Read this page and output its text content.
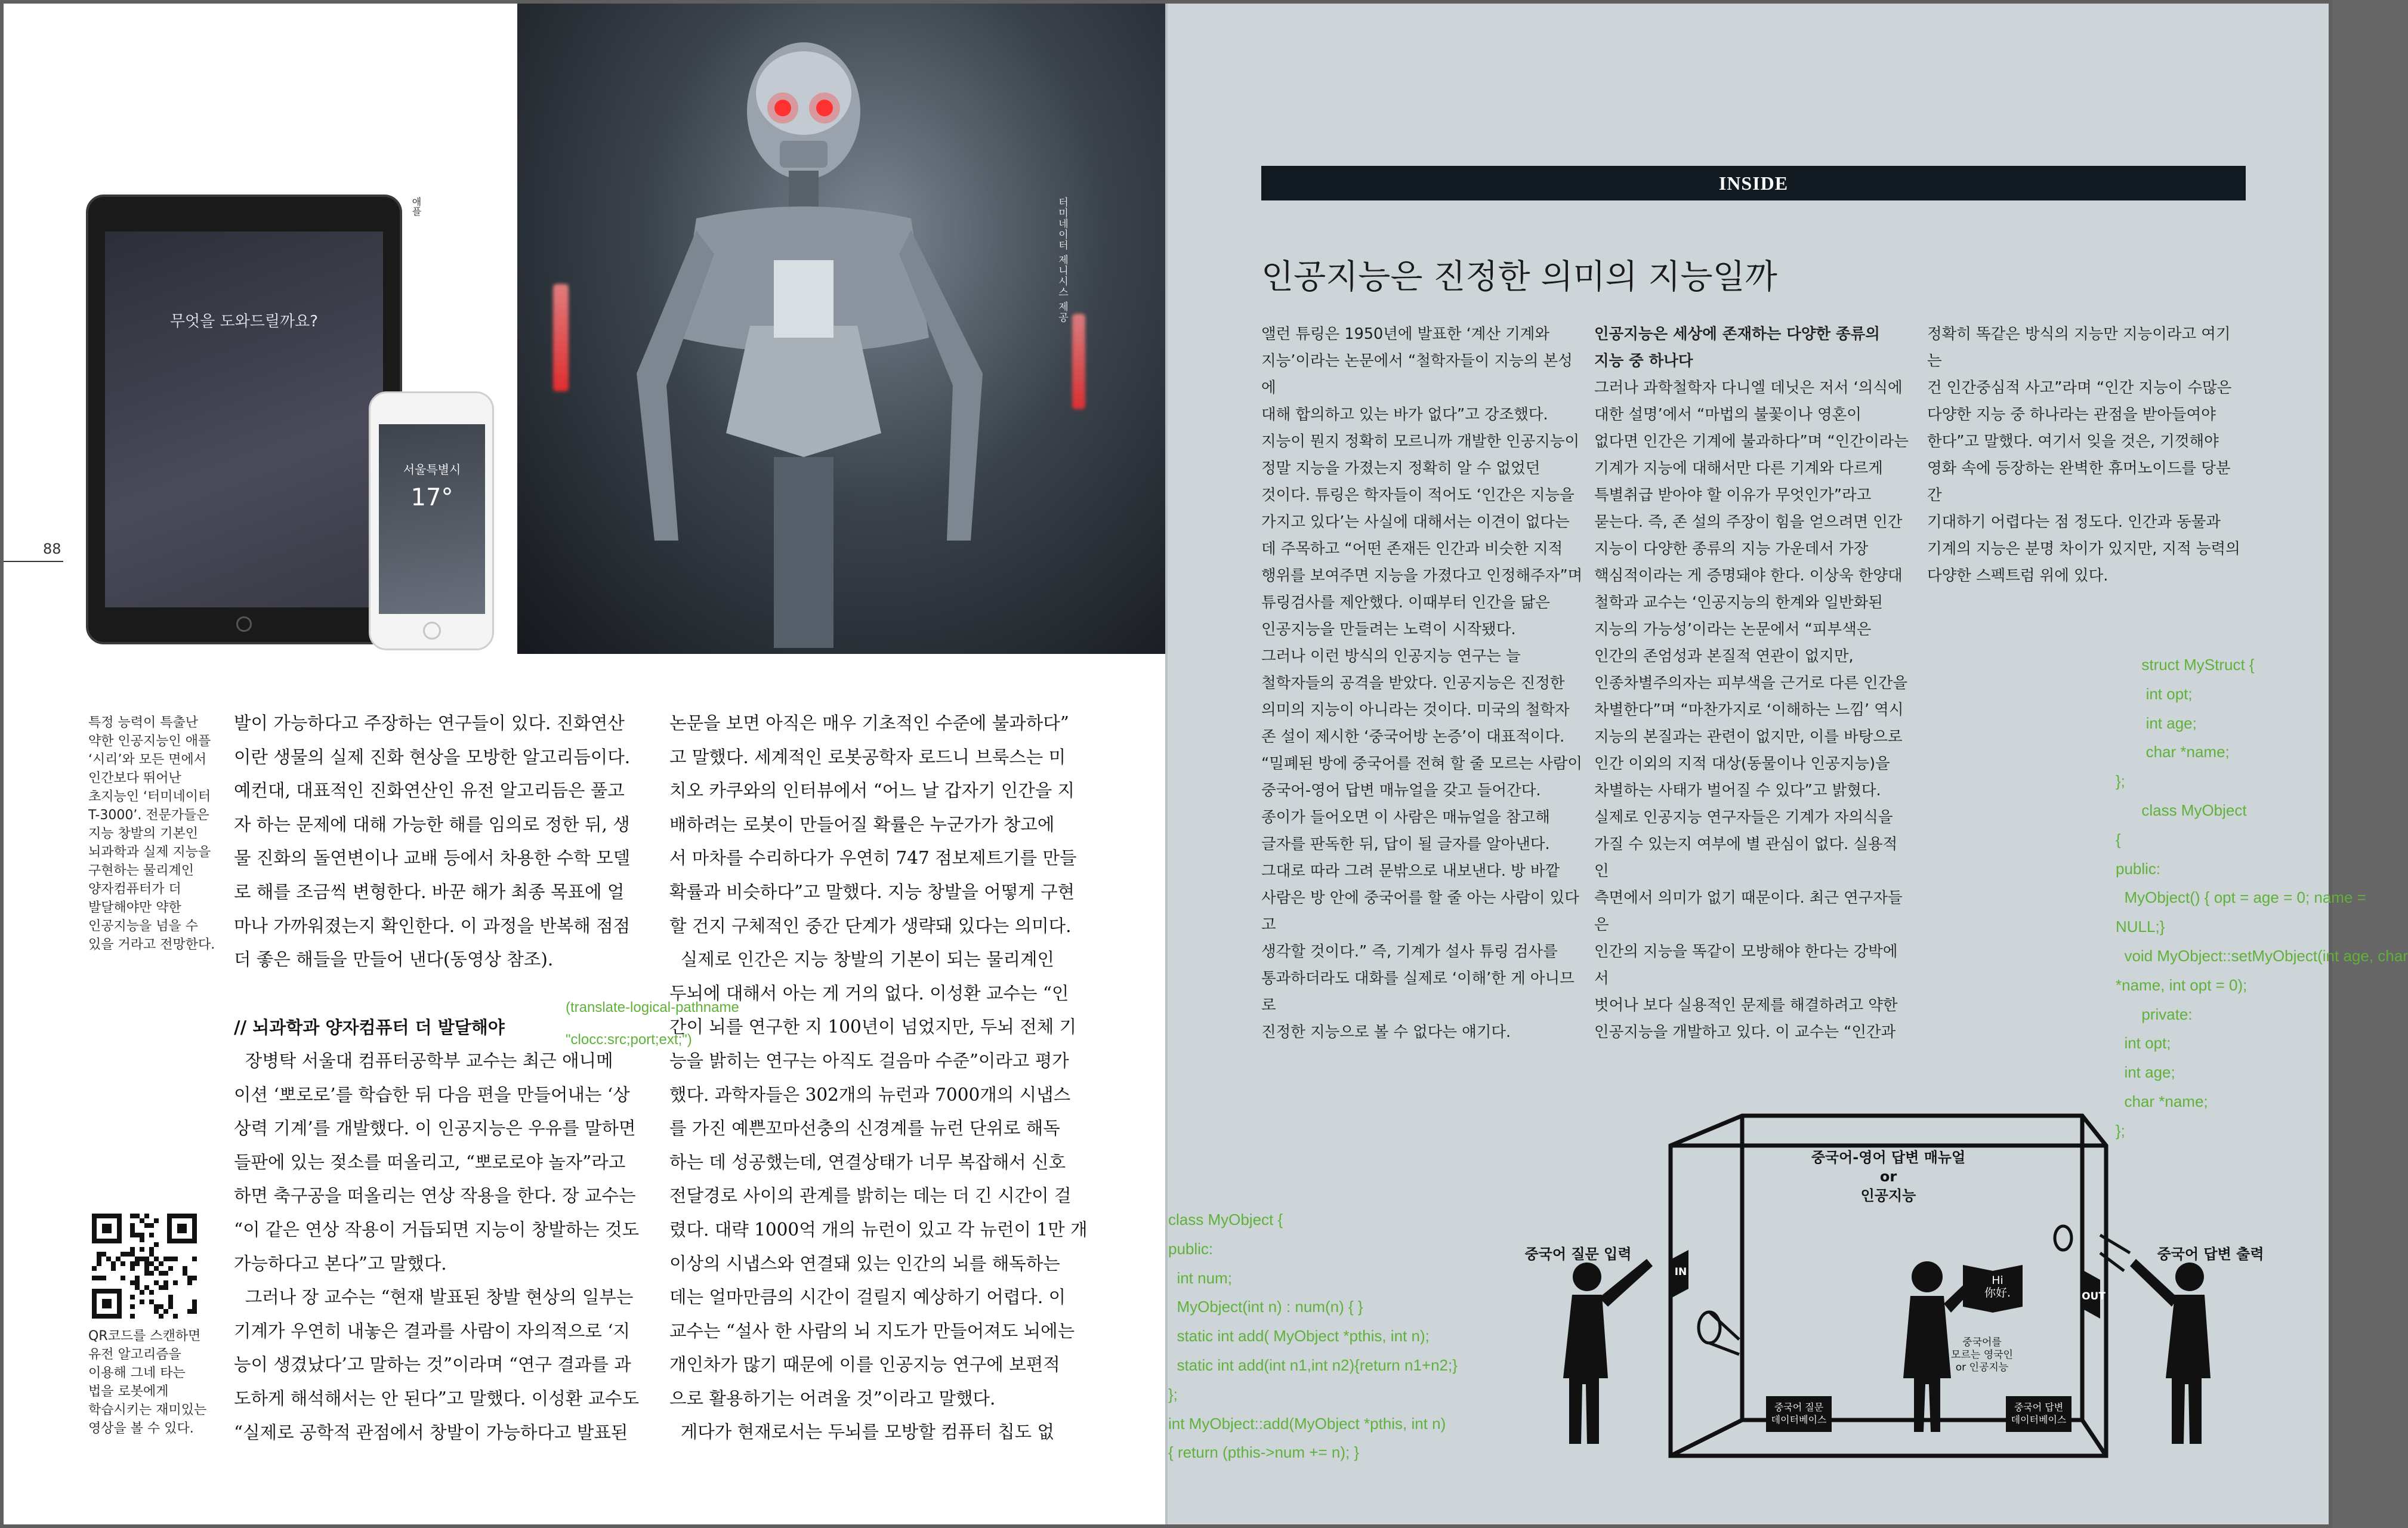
터미네이터 제니시스 제공
무엇을 도와드릴까요?
서울특별시
17°
애플
88
특정 능력이 특출난
약한 인공지능인 애플
‘시리’와 모든 면에서
인간보다 뛰어난
초지능인 ‘터미네이터
T-3000’. 전문가들은
지능 창발의 기본인
뇌과학과 실제 지능을
구현하는 물리계인
양자컴퓨터가 더
발달해야만 약한
인공지능을 넘을 수
있을 거라고 전망한다.
발이 가능하다고 주장하는 연구들이 있다. 진화연산
이란 생물의 실제 진화 현상을 모방한 알고리듬이다.
예컨대, 대표적인 진화연산인 유전 알고리듬은 풀고
자 하는 문제에 대해 가능한 해를 임의로 정한 뒤, 생
물 진화의 돌연변이나 교배 등에서 차용한 수학 모델
로 해를 조금씩 변형한다. 바꾼 해가 최종 목표에 얼
마나 가까워졌는지 확인한다. 이 과정을 반복해 점점
더 좋은 해들을 만들어 낸다(동영상 참조).
// 뇌과학과 양자컴퓨터 더 발달해야
장병탁 서울대 컴퓨터공학부 교수는 최근 애니메
이션 ‘뽀로로’를 학습한 뒤 다음 편을 만들어내는 ‘상
상력 기계’를 개발했다. 이 인공지능은 우유를 말하면
들판에 있는 젖소를 떠올리고, “뽀로로야 놀자”라고
하면 축구공을 떠올리는 연상 작용을 한다. 장 교수는
“이 같은 연상 작용이 거듭되면 지능이 창발하는 것도
가능하다고 본다”고 말했다.
그러나 장 교수는 “현재 발표된 창발 현상의 일부는
기계가 우연히 내놓은 결과를 사람이 자의적으로 ‘지
능이 생겼났다’고 말하는 것”이라며 “연구 결과를 과
도하게 해석해서는 안 된다”고 말했다. 이성환 교수도
“실제로 공학적 관점에서 창발이 가능하다고 발표된
논문을 보면 아직은 매우 기초적인 수준에 불과하다”
고 말했다. 세계적인 로봇공학자 로드니 브룩스는 미
치오 카쿠와의 인터뷰에서 “어느 날 갑자기 인간을 지
배하려는 로봇이 만들어질 확률은 누군가가 창고에
서 마차를 수리하다가 우연히 747 점보제트기를 만들
확률과 비슷하다”고 말했다. 지능 창발을 어떻게 구현
할 건지 구체적인 중간 단계가 생략돼 있다는 의미다.
실제로 인간은 지능 창발의 기본이 되는 물리계인
두뇌에 대해서 아는 게 거의 없다. 이성환 교수는 “인
간이 뇌를 연구한 지 100년이 넘었지만, 두뇌 전체 기
능을 밝히는 연구는 아직도 걸음마 수준”이라고 평가
했다. 과학자들은 302개의 뉴런과 7000개의 시냅스
를 가진 예쁜꼬마선충의 신경계를 뉴런 단위로 해독
하는 데 성공했는데, 연결상태가 너무 복잡해서 신호
전달경로 사이의 관계를 밝히는 데는 더 긴 시간이 걸
렸다. 대략 1000억 개의 뉴런이 있고 각 뉴런이 1만 개
이상의 시냅스와 연결돼 있는 인간의 뇌를 해독하는
데는 얼마만큼의 시간이 걸릴지 예상하기 어렵다. 이
교수는 “설사 한 사람의 뇌 지도가 만들어져도 뇌에는
개인차가 많기 때문에 이를 인공지능 연구에 보편적
으로 활용하기는 어려울 것”이라고 말했다.
게다가 현재로서는 두뇌를 모방할 컴퓨터 칩도 없
(translate-logical-pathname
"clocc:src;port;ext;")
QR코드를 스캔하면
유전 알고리즘을
이용해 그네 타는
법을 로봇에게
학습시키는 재미있는
영상을 볼 수 있다.
INSIDE
인공지능은 진정한 의미의 지능일까
앨런 튜링은 1950년에 발표한 ‘계산 기계와
지능’이라는 논문에서 “철학자들이 지능의 본성에
대해 합의하고 있는 바가 없다”고 강조했다.
지능이 뭔지 정확히 모르니까 개발한 인공지능이
정말 지능을 가졌는지 정확히 알 수 없었던
것이다. 튜링은 학자들이 적어도 ‘인간은 지능을
가지고 있다’는 사실에 대해서는 이견이 없다는
데 주목하고 “어떤 존재든 인간과 비슷한 지적
행위를 보여주면 지능을 가졌다고 인정해주자”며
튜링검사를 제안했다. 이때부터 인간을 닮은
인공지능을 만들려는 노력이 시작됐다.
그러나 이런 방식의 인공지능 연구는 늘
철학자들의 공격을 받았다. 인공지능은 진정한
의미의 지능이 아니라는 것이다. 미국의 철학자
존 설이 제시한 ‘중국어방 논증’이 대표적이다.
“밀폐된 방에 중국어를 전혀 할 줄 모르는 사람이
중국어-영어 답변 매뉴얼을 갖고 들어간다.
종이가 들어오면 이 사람은 매뉴얼을 참고해
글자를 판독한 뒤, 답이 될 글자를 알아낸다.
그대로 따라 그려 문밖으로 내보낸다. 방 바깥
사람은 방 안에 중국어를 할 줄 아는 사람이 있다고
생각할 것이다.” 즉, 기계가 설사 튜링 검사를
통과하더라도 대화를 실제로 ‘이해’한 게 아니므로
진정한 지능으로 볼 수 없다는 얘기다.
인공지능은 세상에 존재하는 다양한 종류의
지능 중 하나다
그러나 과학철학자 다니엘 데닛은 저서 ‘의식에
대한 설명’에서 “마법의 불꽃이나 영혼이
없다면 인간은 기계에 불과하다”며 “인간이라는
기계가 지능에 대해서만 다른 기계와 다르게
특별취급 받아야 할 이유가 무엇인가”라고
묻는다. 즉, 존 설의 주장이 힘을 얻으려면 인간
지능이 다양한 종류의 지능 가운데서 가장
핵심적이라는 게 증명돼야 한다. 이상욱 한양대
철학과 교수는 ‘인공지능의 한계와 일반화된
지능의 가능성’이라는 논문에서 “피부색은
인간의 존엄성과 본질적 연관이 없지만,
인종차별주의자는 피부색을 근거로 다른 인간을
차별한다”며 “마찬가지로 ‘이해하는 느낌’ 역시
지능의 본질과는 관련이 없지만, 이를 바탕으로
인간 이외의 지적 대상(동물이나 인공지능)을
차별하는 사태가 벌어질 수 있다”고 밝혔다.
실제로 인공지능 연구자들은 기계가 자의식을
가질 수 있는지 여부에 별 관심이 없다. 실용적인
측면에서 의미가 없기 때문이다. 최근 연구자들은
인간의 지능을 똑같이 모방해야 한다는 강박에서
벗어나 보다 실용적인 문제를 해결하려고 약한
인공지능을 개발하고 있다. 이 교수는 “인간과
정확히 똑같은 방식의 지능만 지능이라고 여기는
건 인간중심적 사고”라며 “인간 지능이 수많은
다양한 지능 중 하나라는 관점을 받아들여야
한다”고 말했다. 여기서 잊을 것은, 기껏해야
영화 속에 등장하는 완벽한 휴머노이드를 당분간
기대하기 어렵다는 점 정도다. 인간과 동물과
기계의 지능은 분명 차이가 있지만, 지적 능력의
다양한 스펙트럼 위에 있다.
struct MyStruct {
int opt;
int age;
char *name;
};
class MyObject
{
public:
MyObject() { opt = age = 0; name =
NULL;}
void MyObject::setMyObject(int age, char
*name, int opt = 0);
private:
int opt;
int age;
char *name;
};
class MyObject {
public:
int num;
MyObject(int n) : num(n) { }
static int add( MyObject *pthis, int n);
static int add(int n1,int n2){return n1+n2;}
};
int MyObject::add(MyObject *pthis, int n)
{ return (pthis->num += n); }
중국어-영어 답변 매뉴얼
or
인공지능
중국어 질문 입력	중국어 답변 출력
IN
OUT
중국어를
모르는 영국인
or 인공지능
중국어 질문
데이터베이스
중국어 답변
데이터베이스
Hi
你好.
